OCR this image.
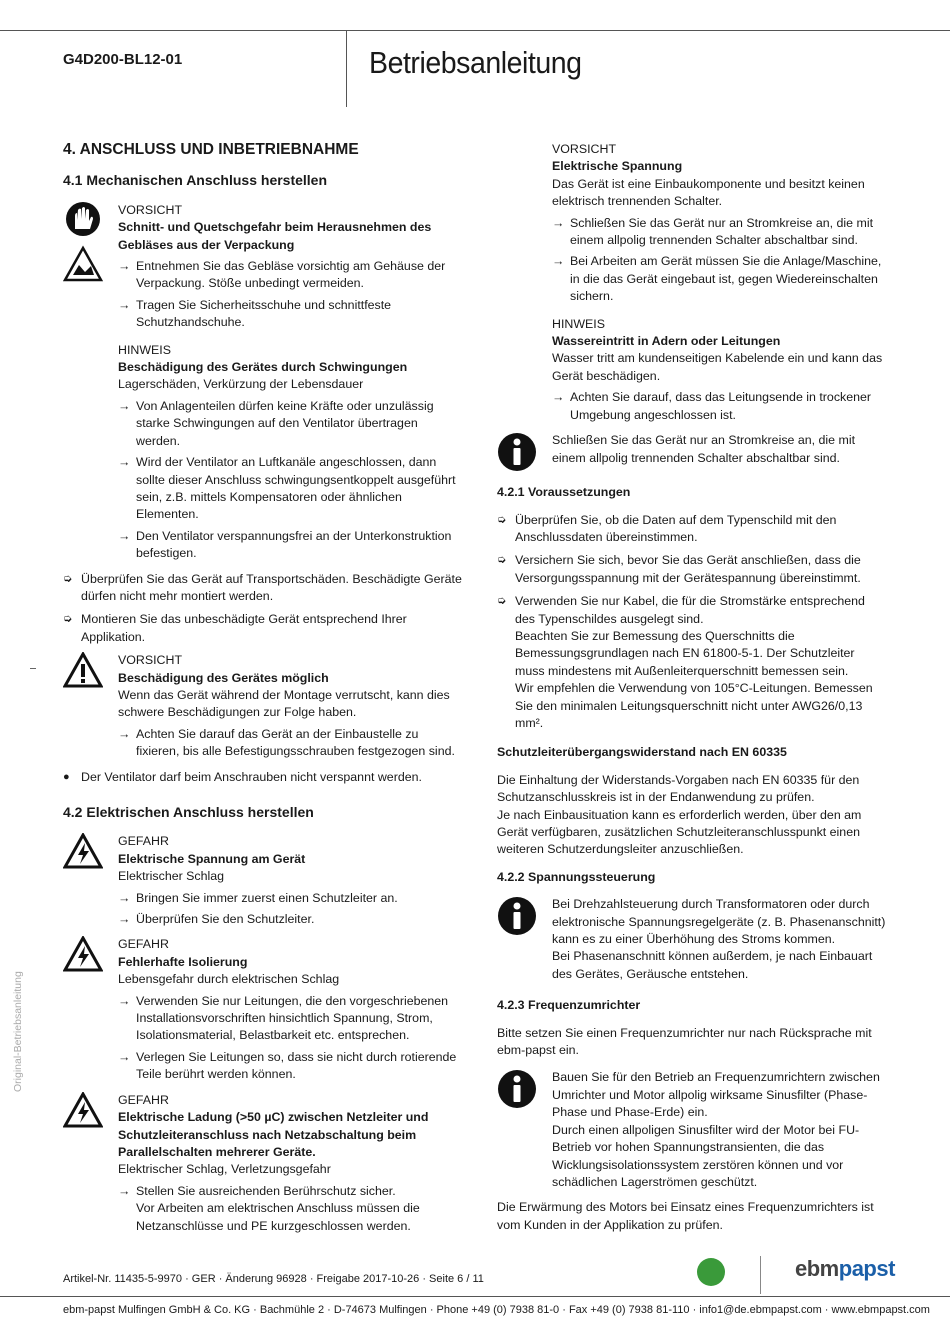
G4D200-BL12-01	Betriebsanleitung
4. ANSCHLUSS UND INBETRIEBNAHME
4.1 Mechanischen Anschluss herstellen
VORSICHT
Schnitt- und Quetschgefahr beim Herausnehmen des Gebläses aus der Verpackung
→ Entnehmen Sie das Gebläse vorsichtig am Gehäuse der Verpackung. Stöße unbedingt vermeiden.
→ Tragen Sie Sicherheitsschuhe und schnittfeste Schutzhandschuhe.
HINWEIS
Beschädigung des Gerätes durch Schwingungen
Lagerschäden, Verkürzung der Lebensdauer
→ Von Anlagenteilen dürfen keine Kräfte oder unzulässig starke Schwingungen auf den Ventilator übertragen werden.
→ Wird der Ventilator an Luftkanäle angeschlossen, dann sollte dieser Anschluss schwingungsentkoppelt ausgeführt sein, z.B. mittels Kompensatoren oder ähnlichen Elementen.
→ Den Ventilator verspannungsfrei an der Unterkonstruktion befestigen.
➭ Überprüfen Sie das Gerät auf Transportschäden. Beschädigte Geräte dürfen nicht mehr montiert werden.
➭ Montieren Sie das unbeschädigte Gerät entsprechend Ihrer Applikation.
VORSICHT
Beschädigung des Gerätes möglich
Wenn das Gerät während der Montage verrutscht, kann dies schwere Beschädigungen zur Folge haben.
→ Achten Sie darauf das Gerät an der Einbaustelle zu fixieren, bis alle Befestigungsschrauben festgezogen sind.
● Der Ventilator darf beim Anschrauben nicht verspannt werden.
4.2 Elektrischen Anschluss herstellen
GEFAHR
Elektrische Spannung am Gerät
Elektrischer Schlag
→ Bringen Sie immer zuerst einen Schutzleiter an.
→ Überprüfen Sie den Schutzleiter.
GEFAHR
Fehlerhafte Isolierung
Lebensgefahr durch elektrischen Schlag
→ Verwenden Sie nur Leitungen, die den vorgeschriebenen Installationsvorschriften hinsichtlich Spannung, Strom, Isolationsmaterial, Belastbarkeit etc. entsprechen.
→ Verlegen Sie Leitungen so, dass sie nicht durch rotierende Teile berührt werden können.
GEFAHR
Elektrische Ladung (>50 µC) zwischen Netzleiter und Schutzleiteranschluss nach Netzabschaltung beim Parallelschalten mehrerer Geräte.
Elektrischer Schlag, Verletzungsgefahr
→ Stellen Sie ausreichenden Berührschutz sicher.
Vor Arbeiten am elektrischen Anschluss müssen die Netzanschlüsse und PE kurzgeschlossen werden.
VORSICHT
Elektrische Spannung
Das Gerät ist eine Einbaukomponente und besitzt keinen elektrisch trennenden Schalter.
→ Schließen Sie das Gerät nur an Stromkreise an, die mit einem allpolig trennenden Schalter abschaltbar sind.
→ Bei Arbeiten am Gerät müssen Sie die Anlage/Maschine, in die das Gerät eingebaut ist, gegen Wiedereinschalten sichern.
HINWEIS
Wassereintritt in Adern oder Leitungen
Wasser tritt am kundenseitigen Kabelende ein und kann das Gerät beschädigen.
→ Achten Sie darauf, dass das Leitungsende in trockener Umgebung angeschlossen ist.
Schließen Sie das Gerät nur an Stromkreise an, die mit einem allpolig trennenden Schalter abschaltbar sind.
4.2.1 Voraussetzungen
➭ Überprüfen Sie, ob die Daten auf dem Typenschild mit den Anschlussdaten übereinstimmen.
➭ Versichern Sie sich, bevor Sie das Gerät anschließen, dass die Versorgungsspannung mit der Gerätespannung übereinstimmt.
➭ Verwenden Sie nur Kabel, die für die Stromstärke entsprechend des Typenschildes ausgelegt sind.
Beachten Sie zur Bemessung des Querschnitts die Bemessungsgrundlagen nach EN 61800-5-1. Der Schutzleiter muss mindestens mit Außenleiterquerschnitt bemessen sein.
Wir empfehlen die Verwendung von 105°C-Leitungen. Bemessen Sie den minimalen Leitungsquerschnitt nicht unter AWG26/0,13 mm².
Schutzleiterübergangswiderstand nach EN 60335
Die Einhaltung der Widerstands-Vorgaben nach EN 60335 für den Schutzanschlusskreis ist in der Endanwendung zu prüfen.
Je nach Einbausituation kann es erforderlich werden, über den am Gerät verfügbaren, zusätzlichen Schutzleiteranschlusspunkt einen weiteren Schutzerdungsleiter anzuschließen.
4.2.2 Spannungssteuerung
Bei Drehzahlsteuerung durch Transformatoren oder durch elektronische Spannungsregelgeräte (z. B. Phasenanschnitt) kann es zu einer Überhöhung des Stroms kommen.
Bei Phasenanschnitt können außerdem, je nach Einbauart des Gerätes, Geräusche entstehen.
4.2.3 Frequenzumrichter
Bitte setzen Sie einen Frequenzumrichter nur nach Rücksprache mit ebm-papst ein.
Bauen Sie für den Betrieb an Frequenzumrichtern zwischen Umrichter und Motor allpolig wirksame Sinusfilter (Phase-Phase und Phase-Erde) ein.
Durch einen allpoligen Sinusfilter wird der Motor bei FU-Betrieb vor hohen Spannungstransienten, die das Wicklungsisolationssystem zerstören können und vor schädlichen Lagerströmen geschützt.
Die Erwärmung des Motors bei Einsatz eines Frequenzumrichters ist vom Kunden in der Applikation zu prüfen.
Original-Betriebsanleitung
Artikel-Nr. 11435-5-9970 · GER · Änderung 96928 · Freigabe 2017-10-26 · Seite 6 / 11	ebmpapst
ebm-papst Mulfingen GmbH & Co. KG · Bachmühle 2 · D-74673 Mulfingen · Phone +49 (0) 7938 81-0 · Fax +49 (0) 7938 81-110 · info1@de.ebmpapst.com · www.ebmpapst.com
